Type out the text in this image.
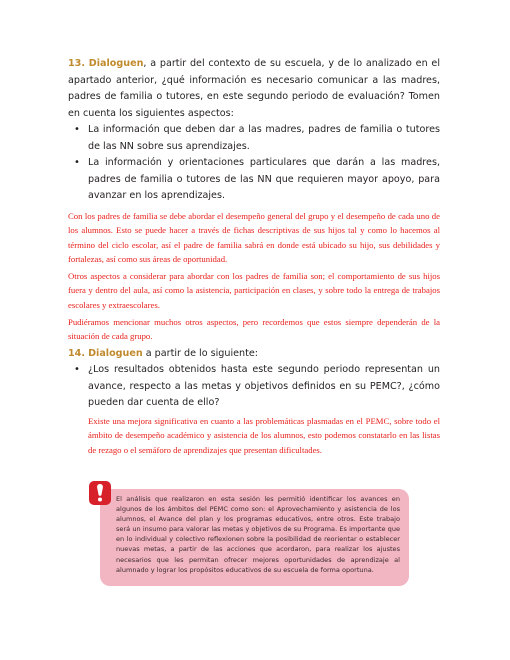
13. Dialoguen, a partir del contexto de su escuela, y de lo analizado en el apartado anterior, ¿qué información es necesario comunicar a las madres, padres de familia o tutores, en este segundo periodo de evaluación? Tomen en cuenta los siguientes aspectos:

• La información que deben dar a las madres, padres de familia o tutores de las NN sobre sus aprendizajes.
• La información y orientaciones particulares que darán a las madres, padres de familia o tutores de las NN que requieren mayor apoyo, para avanzar en los aprendizajes.

Con los padres de familia se debe abordar el desempeño general del grupo y el desempeño de cada uno de los alumnos. Esto se puede hacer a través de fichas descriptivas de sus hijos tal y como lo hacemos al término del ciclo escolar, así el padre de familia sabrá en donde está ubicado su hijo, sus debilidades y fortalezas, así como sus áreas de oportunidad.

Otros aspectos a considerar para abordar con los padres de familia son; el comportamiento de sus hijos fuera y dentro del aula, así como la asistencia, participación en clases, y sobre todo la entrega de trabajos escolares y extraescolares.

Pudiéramos mencionar muchos otros aspectos, pero recordemos que estos siempre dependerán de la situación de cada grupo.

14. Dialoguen a partir de lo siguiente:

• ¿Los resultados obtenidos hasta este segundo periodo representan un avance, respecto a las metas y objetivos definidos en su PEMC?, ¿cómo pueden dar cuenta de ello?

Existe una mejora significativa en cuanto a las problemáticas plasmadas en el PEMC, sobre todo el ámbito de desempeño académico y asistencia de los alumnos, esto podemos constatarlo en las listas de rezago o el semáforo de aprendizajes que presentan dificultades.

El análisis que realizaron en esta sesión les permitió identificar los avances en algunos de los ámbitos del PEMC como son: el Aprovechamiento y asistencia de los alumnos, el Avance del plan y los programas educativos, entre otros. Este trabajo será un insumo para valorar las metas y objetivos de su Programa. Es importante que en lo individual y colectivo reflexionen sobre la posibilidad de reorientar o establecer nuevas metas, a partir de las acciones que acordaron, para realizar los ajustes necesarios que les permitan ofrecer mejores oportunidades de aprendizaje al alumnado y lograr los propósitos educativos de su escuela de forma oportuna.
